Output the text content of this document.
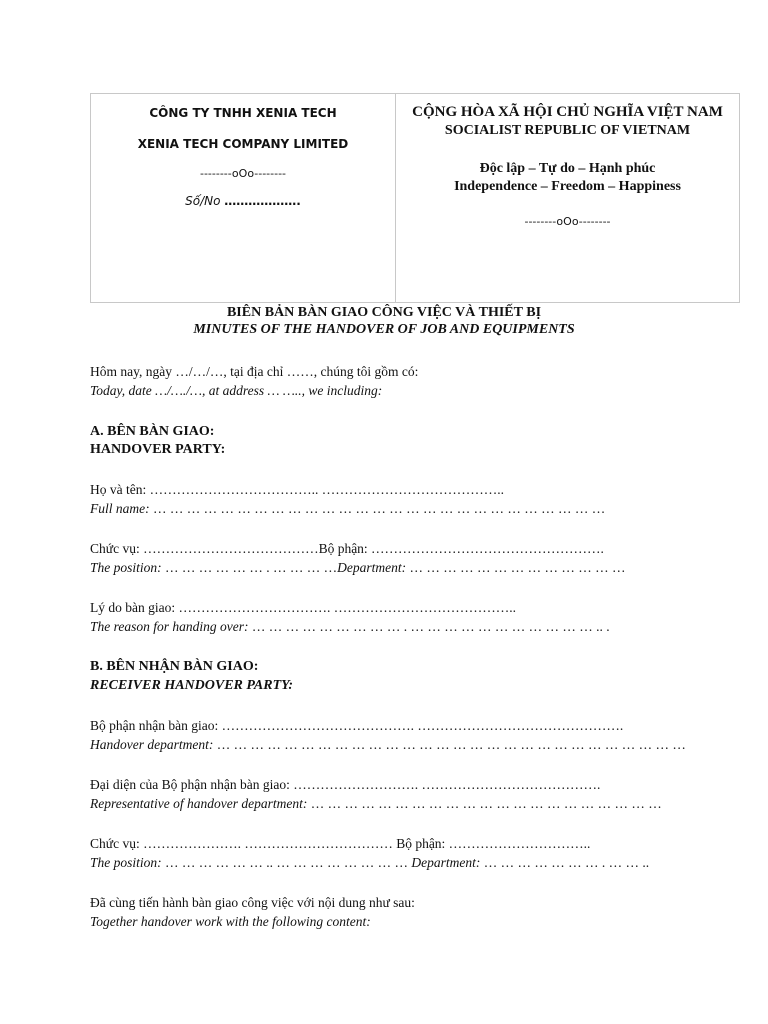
CÔNG TY TNHH XENIA TECH
XENIA TECH COMPANY LIMITED
--------oOo--------
Số/No ……………….
CỘNG HÒA XÃ HỘI CHỦ NGHĨA VIỆT NAM
SOCIALIST REPUBLIC OF VIETNAM
Độc lập – Tự do – Hạnh phúc
Independence – Freedom – Happiness
--------oOo--------
BIÊN BẢN BÀN GIAO CÔNG VIỆC VÀ THIẾT BỊ
MINUTES OF THE HANDOVER OF JOB AND EQUIPMENTS
Hôm nay, ngày …/…/…, tại địa chỉ ……, chúng tôi gồm có:
Today, date …/…./…, at address … ….., we including:
A. BÊN BÀN GIAO:
HANDOVER PARTY:
Họ và tên: ……………………………….. …………………………………..
Full name: … … … … … … … … … … … … … … … … … … … … … … … … … … …
Chức vụ: …………………………………Bộ phận: …………………………………………….
The position: … … … … … … . … … … …Department: … … … … … … … … … … … … …
Lý do bàn giao: ……………………………. …………………………………..
The reason for handing over: … … … … … … … … … . … … … … … … … … … … … .. .
B. BÊN NHẬN BÀN GIAO:
RECEIVER HANDOVER PARTY:
Bộ phận nhận bàn giao: ……………………………………. ……………………………………….
Handover department: … … … … … … … … … … … … … … … … … … … … … … … … … … … …
Đại diện của Bộ phận nhận bàn giao: ………………………. ………………………………….
Representative of handover department: … … … … … … … … … … … … … … … … … … … … …
Chức vụ: …………………. …………………………… Bộ phận: …………………………..
The position: … … … … … … .. … … … … … … … … Department: … … … … … … … . … … ..
Đã cùng tiến hành bàn giao công việc với nội dung như sau:
Together handover work with the following content:
